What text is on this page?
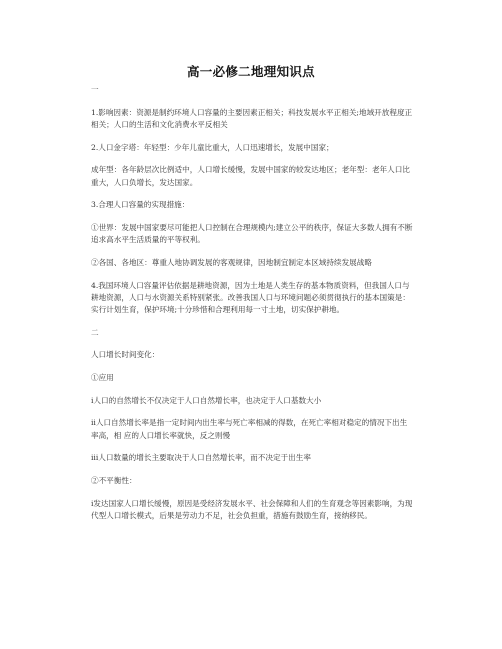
高一必修二地理知识点
一
1.影响因素：资源是制约环境人口容量的主要因素正相关；科技发展水平正相关;地域开放程度正相关；人口的生活和文化消费水平反相关
2.人口金字塔：年轻型：少年儿童比重大，人口迅速增长，发展中国家；
成年型：各年龄层次比例适中，人口增长缓慢，发展中国家的较发达地区；老年型：老年人口比重大，人口负增长，发达国家。
3.合理人口容量的实现措施：
①世界：发展中国家要尽可能把人口控制在合理规模内;建立公平的秩序，保证大多数人拥有不断追求高水平生活质量的平等权利。
②各国、各地区：尊重人地协调发展的客观规律，因地制宜制定本区域持续发展战略
4.我国环境人口容量评估依据是耕地资源，因为土地是人类生存的基本物质资料，但我国人口与耕地资源，人口与水资源关系特别紧张。改善我国人口与环境问题必须贯彻执行的基本国策是：实行计划生育，保护环境;十分珍惜和合理利用每一寸土地，切实保护耕地。
二
人口增长时间变化：
①应用
ⅰ人口的自然增长不仅决定于人口自然增长率，也决定于人口基数大小
ⅱ人口自然增长率是指一定时间内出生率与死亡率相减的得数，在死亡率相对稳定的情况下出生率高，相 应的人口增长率就快，反之则慢
ⅲ人口数量的增长主要取决于人口自然增长率，而不决定于出生率
②不平衡性：
ⅰ发达国家人口增长缓慢，原因是受经济发展水平、社会保障和人们的生育观念等因素影响，为现代型人口增长模式，后果是劳动力不足，社会负担重，措施有鼓励生育，接纳移民。
